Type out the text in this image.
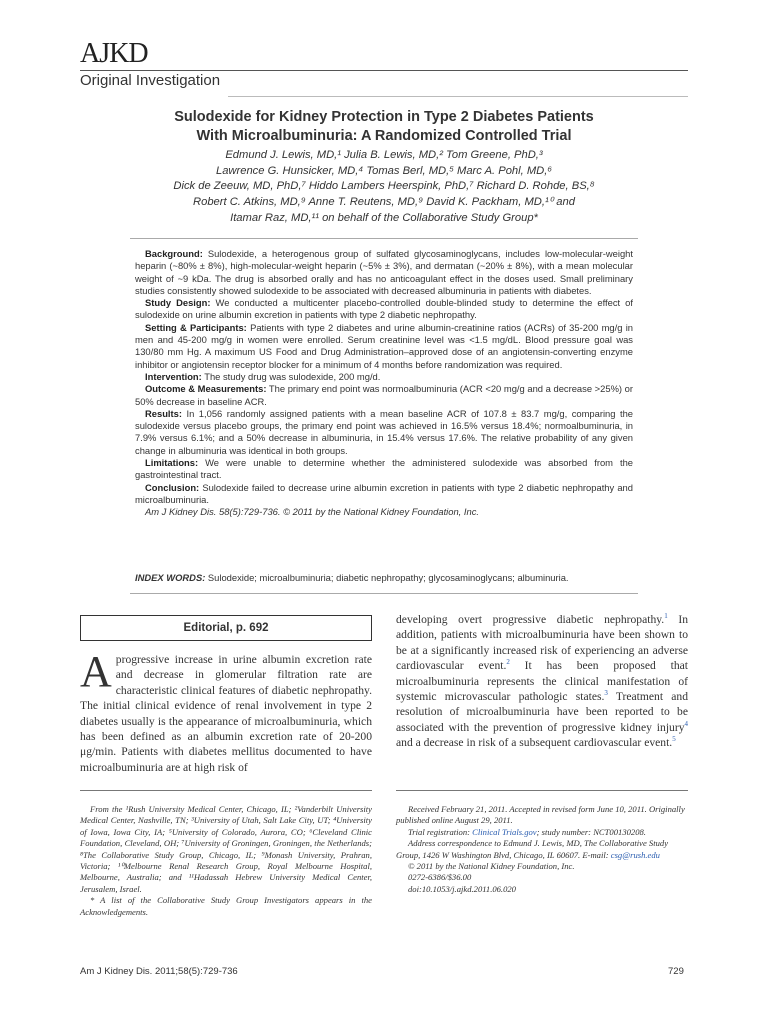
AJKD
Original Investigation
Sulodexide for Kidney Protection in Type 2 Diabetes Patients
With Microalbuminuria: A Randomized Controlled Trial
Edmund J. Lewis, MD,¹ Julia B. Lewis, MD,² Tom Greene, PhD,³
Lawrence G. Hunsicker, MD,⁴ Tomas Berl, MD,⁵ Marc A. Pohl, MD,⁶
Dick de Zeeuw, MD, PhD,⁷ Hiddo Lambers Heerspink, PhD,⁷ Richard D. Rohde, BS,⁸
Robert C. Atkins, MD,⁹ Anne T. Reutens, MD,⁹ David K. Packham, MD,¹⁰ and
Itamar Raz, MD,¹¹ on behalf of the Collaborative Study Group*

Background: Sulodexide, a heterogenous group of sulfated glycosaminoglycans, includes low-molecular-weight heparin (~80% ± 8%), high-molecular-weight heparin (~5% ± 3%), and dermatan (~20% ± 8%), with a mean molecular weight of ~9 kDa. The drug is absorbed orally and has no anticoagulant effect in the doses used. Small preliminary studies consistently showed sulodexide to be associated with decreased albuminuria in patients with diabetes.

Study Design: We conducted a multicenter placebo-controlled double-blinded study to determine the effect of sulodexide on urine albumin excretion in patients with type 2 diabetic nephropathy.

Setting & Participants: Patients with type 2 diabetes and urine albumin-creatinine ratios (ACRs) of 35-200 mg/g in men and 45-200 mg/g in women were enrolled. Serum creatinine level was <1.5 mg/dL. Blood pressure goal was 130/80 mm Hg. A maximum US Food and Drug Administration–approved dose of an angiotensin-converting enzyme inhibitor or angiotensin receptor blocker for a minimum of 4 months before randomization was required.

Intervention: The study drug was sulodexide, 200 mg/d.

Outcome & Measurements: The primary end point was normoalbuminuria (ACR <20 mg/g and a decrease >25%) or 50% decrease in baseline ACR.

Results: In 1,056 randomly assigned patients with a mean baseline ACR of 107.8 ± 83.7 mg/g, comparing the sulodexide versus placebo groups, the primary end point was achieved in 16.5% versus 18.4%; normoalbuminuria, in 7.9% versus 6.1%; and a 50% decrease in albuminuria, in 15.4% versus 17.6%. The relative probability of any given change in albuminuria was identical in both groups.

Limitations: We were unable to determine whether the administered sulodexide was absorbed from the gastrointestinal tract.

Conclusion: Sulodexide failed to decrease urine albumin excretion in patients with type 2 diabetic nephropathy and microalbuminuria.

Am J Kidney Dis. 58(5):729-736. © 2011 by the National Kidney Foundation, Inc.

INDEX WORDS: Sulodexide; microalbuminuria; diabetic nephropathy; glycosaminoglycans; albuminuria.
Editorial, p. 692
Aprogressive increase in urine albumin excretion rate and decrease in glomerular filtration rate are characteristic clinical features of diabetic nephropathy. The initial clinical evidence of renal involvement in type 2 diabetes usually is the appearance of microalbuminuria, which has been defined as an albumin excretion rate of 20-200 μg/min. Patients with diabetes mellitus documented to have microalbuminuria are at high risk of
developing overt progressive diabetic nephropathy.$^1$ In addition, patients with microalbuminuria have been shown to be at a significantly increased risk of experiencing an adverse cardiovascular event.$^2$ It has been proposed that microalbuminuria represents the clinical manifestation of systemic microvascular pathologic states.$^3$ Treatment and resolution of microalbuminuria have been reported to be associated with the prevention of progressive kidney injury$^4$ and a decrease in risk of a subsequent cardiovascular event.$^5$

From the ¹Rush University Medical Center, Chicago, IL; ²Vanderbilt University Medical Center, Nashville, TN; ³University of Utah, Salt Lake City, UT; ⁴University of Iowa, Iowa City, IA; ⁵University of Colorado, Aurora, CO; ⁶Cleveland Clinic Foundation, Cleveland, OH; ⁷University of Groningen, Groningen, the Netherlands; ⁸The Collaborative Study Group, Chicago, IL; ⁹Monash University, Prahran, Victoria; ¹⁰Melbourne Renal Research Group, Royal Melbourne Hospital, Melbourne, Australia; and ¹¹Hadassah Hebrew University Medical Center, Jerusalem, Israel.

* A list of the Collaborative Study Group Investigators appears in the Acknowledgements.

Received February 21, 2011. Accepted in revised form June 10, 2011. Originally published online August 29, 2011.

Trial registration: Clinical Trials.gov; study number: NCT00130208.

Address correspondence to Edmund J. Lewis, MD, The Collaborative Study Group, 1426 W Washington Blvd, Chicago, IL 60607. E-mail: csg@rush.edu

© 2011 by the National Kidney Foundation, Inc.

0272-6386/$36.00

doi:10.1053/j.ajkd.2011.06.020

Am J Kidney Dis. 2011;58(5):729-736	729
